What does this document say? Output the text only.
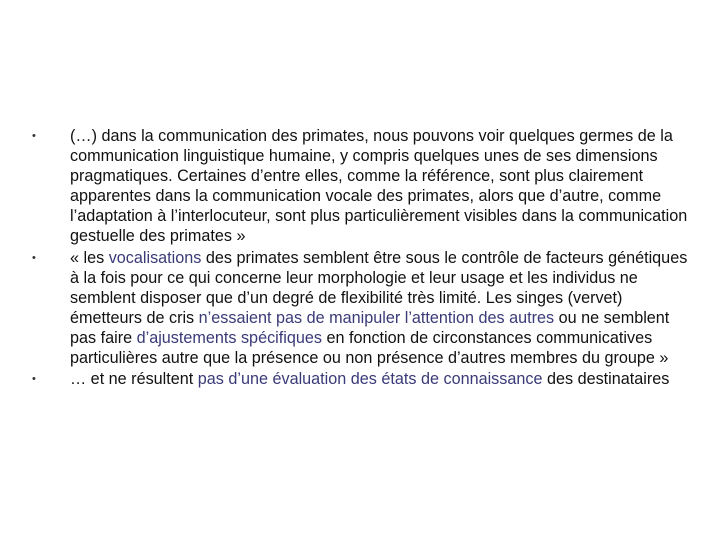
•	(…) dans la communication des primates, nous pouvons voir quelques germes de la communication linguistique humaine, y compris quelques unes de ses dimensions pragmatiques. Certaines d’entre elles, comme la référence, sont plus clairement apparentes dans la communication vocale des primates, alors que d’autre, comme l’adaptation à l’interlocuteur, sont plus particulièrement visibles dans la communication gestuelle des primates »
•	« les vocalisations des primates semblent être sous le contrôle de facteurs génétiques à la fois pour ce qui concerne leur morphologie et leur usage et les individus ne semblent disposer que d’un degré de flexibilité très limité. Les singes (vervet) émetteurs de cris n’essaient pas de manipuler l’attention des autres ou ne semblent pas faire d’ajustements spécifiques en fonction de circonstances communicatives particulières autre que la présence ou non présence d’autres membres du groupe »
•	… et ne résultent pas d’une évaluation des états de connaissance des destinataires
